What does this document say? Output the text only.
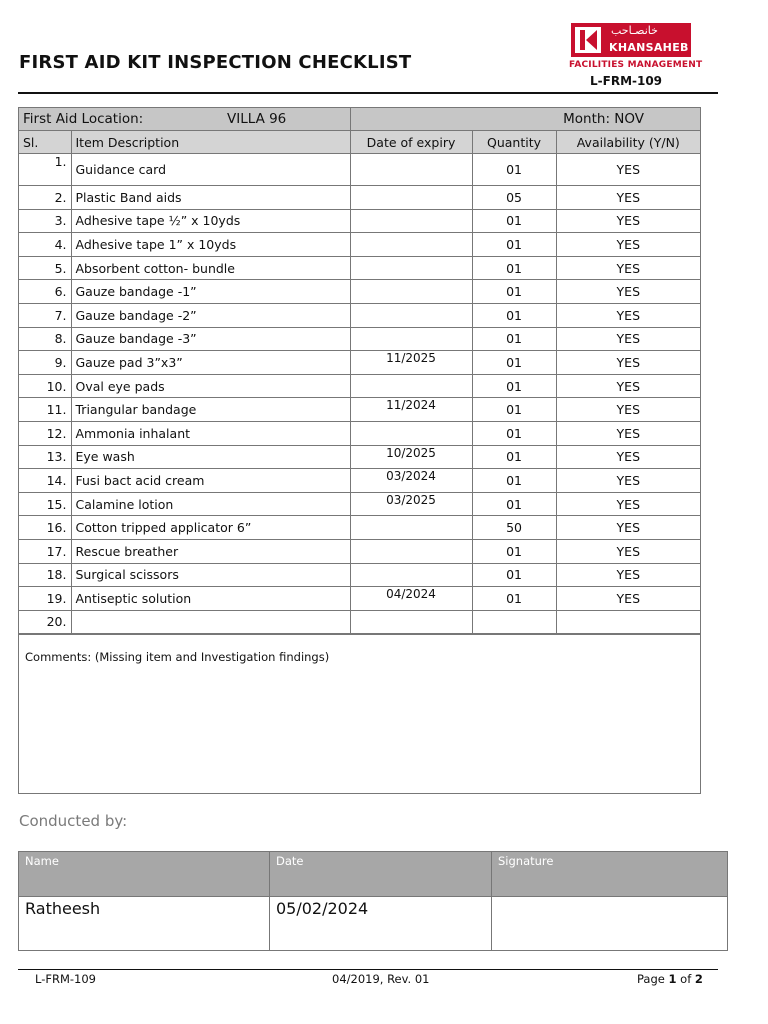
FIRST AID KIT INSPECTION CHECKLIST
خانصـاحب
KHANSAHEB
FACILITIES MANAGEMENT
L-FRM-109
First Aid Location: VILLA 96		Month: NOV		
Sl.	Item Description	Date of expiry	Quantity	Availability (Y/N)
1.	Guidance card		01	YES
2.	Plastic Band aids		05	YES
3.	Adhesive tape ½” x 10yds		01	YES
4.	Adhesive tape 1” x 10yds		01	YES
5.	Absorbent cotton- bundle		01	YES
6.	Gauze bandage -1”		01	YES
7.	Gauze bandage -2”		01	YES
8.	Gauze bandage -3”		01	YES
9.	Gauze pad 3”x3”	11/2025	01	YES
10.	Oval eye pads		01	YES
11.	Triangular bandage	11/2024	01	YES
12.	Ammonia inhalant		01	YES
13.	Eye wash	10/2025	01	YES
14.	Fusi bact acid cream	03/2024	01	YES
15.	Calamine lotion	03/2025	01	YES
16.	Cotton tripped applicator 6”		50	YES
17.	Rescue breather		01	YES
18.	Surgical scissors		01	YES
19.	Antiseptic solution	04/2024	01	YES
20.				
Comments: (Missing item and Investigation findings)
Conducted by:
Name	Date	Signature
Ratheesh	05/02/2024	
L-FRM-109	04/2019, Rev. 01	Page 1 of 2
